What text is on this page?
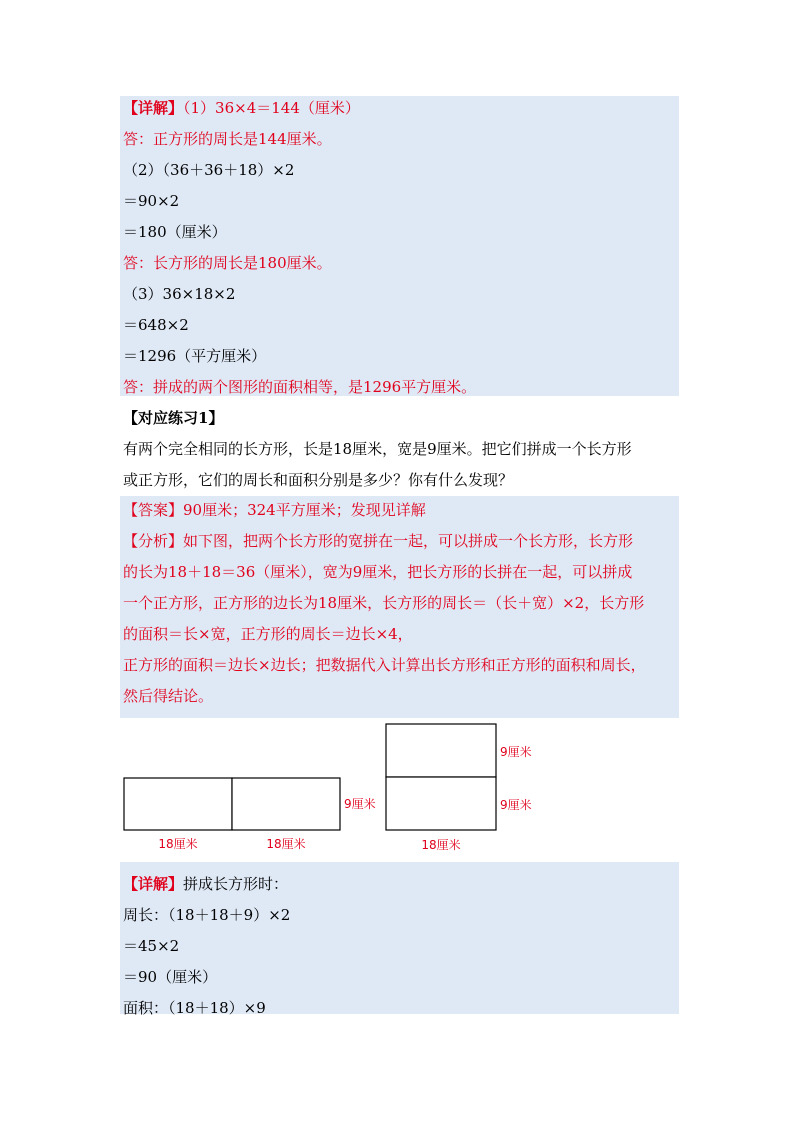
【详解】（1）36×4＝144（厘米）
答：正方形的周长是144厘米。
（2）（36＋36＋18）×2
＝90×2
＝180（厘米）
答：长方形的周长是180厘米。
（3）36×18×2
＝648×2
＝1296（平方厘米）
答：拼成的两个图形的面积相等，是1296平方厘米。
【对应练习1】
有两个完全相同的长方形，长是18厘米，宽是9厘米。把它们拼成一个长方形
或正方形，它们的周长和面积分别是多少？你有什么发现？
【答案】90厘米；324平方厘米；发现见详解
【分析】如下图，把两个长方形的宽拼在一起，可以拼成一个长方形，长方形
的长为18＋18＝36（厘米），宽为9厘米，把长方形的长拼在一起，可以拼成
一个正方形，正方形的边长为18厘米，长方形的周长＝（长＋宽）×2，长方形
的面积＝长×宽，正方形的周长＝边长×4，
正方形的面积＝边长×边长；把数据代入计算出长方形和正方形的面积和周长，
然后得结论。
18厘米	18厘米
9厘米
9厘米
9厘米
18厘米
【详解】拼成长方形时：
周长：（18＋18＋9）×2
＝45×2
＝90（厘米）
面积：（18＋18）×9
